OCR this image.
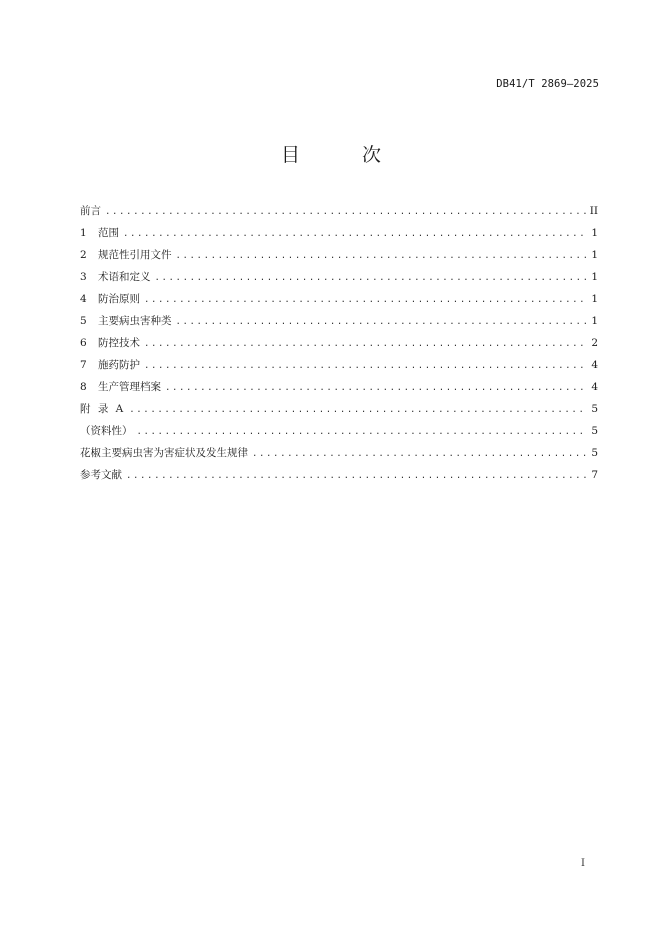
DB41/T 2869—2025
目 次
前言 .....	II
1	范围 .....	1
2	规范性引用文件 .....	1
3	术语和定义 .....	1
4	防治原则 .....	1
5	主要病虫害种类 .....	1
6	防控技术 .....	2
7	施药防护 .....	4
8	生产管理档案 .....	4
附 录 A .....	5
（资料性） .....	5
花椒主要病虫害为害症状及发生规律 .....	5
参考文献 .....	7
I
